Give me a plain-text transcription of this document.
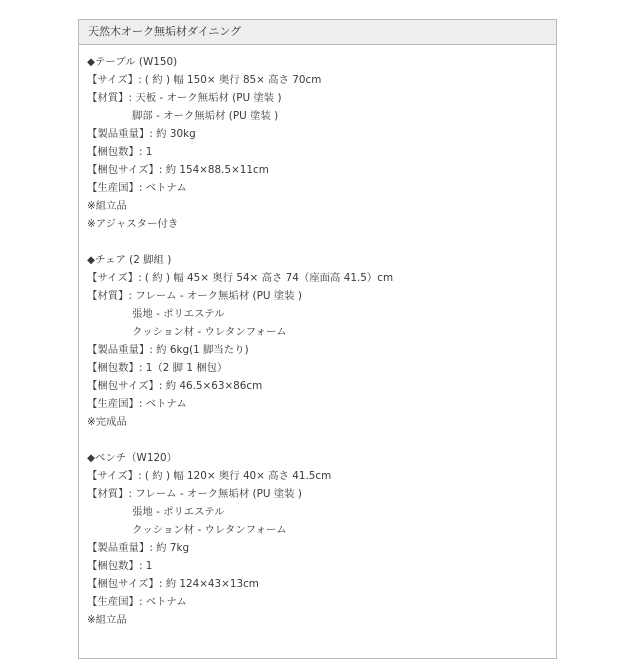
天然木オーク無垢材ダイニング
◆テーブル (W150)
【サイズ】: ( 約 ) 幅 150× 奥行 85× 高さ 70cm
【材質】: 天板 - オーク無垢材 (PU 塗装 )
脚部 - オーク無垢材 (PU 塗装 )
【製品重量】: 約 30kg
【梱包数】: 1
【梱包サイズ】: 約 154×88.5×11cm
【生産国】: ベトナム
※組立品
※アジャスター付き
◆チェア (2 脚組 )
【サイズ】: ( 約 ) 幅 45× 奥行 54× 高さ 74（座面高 41.5）cm
【材質】: フレーム - オーク無垢材 (PU 塗装 )
張地 - ポリエステル
クッション材 - ウレタンフォーム
【製品重量】: 約 6kg(1 脚当たり)
【梱包数】: 1（2 脚 1 梱包）
【梱包サイズ】: 約 46.5×63×86cm
【生産国】: ベトナム
※完成品
◆ベンチ（W120）
【サイズ】: ( 約 ) 幅 120× 奥行 40× 高さ 41.5cm
【材質】: フレーム - オーク無垢材 (PU 塗装 )
張地 - ポリエステル
クッション材 - ウレタンフォーム
【製品重量】: 約 7kg
【梱包数】: 1
【梱包サイズ】: 約 124×43×13cm
【生産国】: ベトナム
※組立品
